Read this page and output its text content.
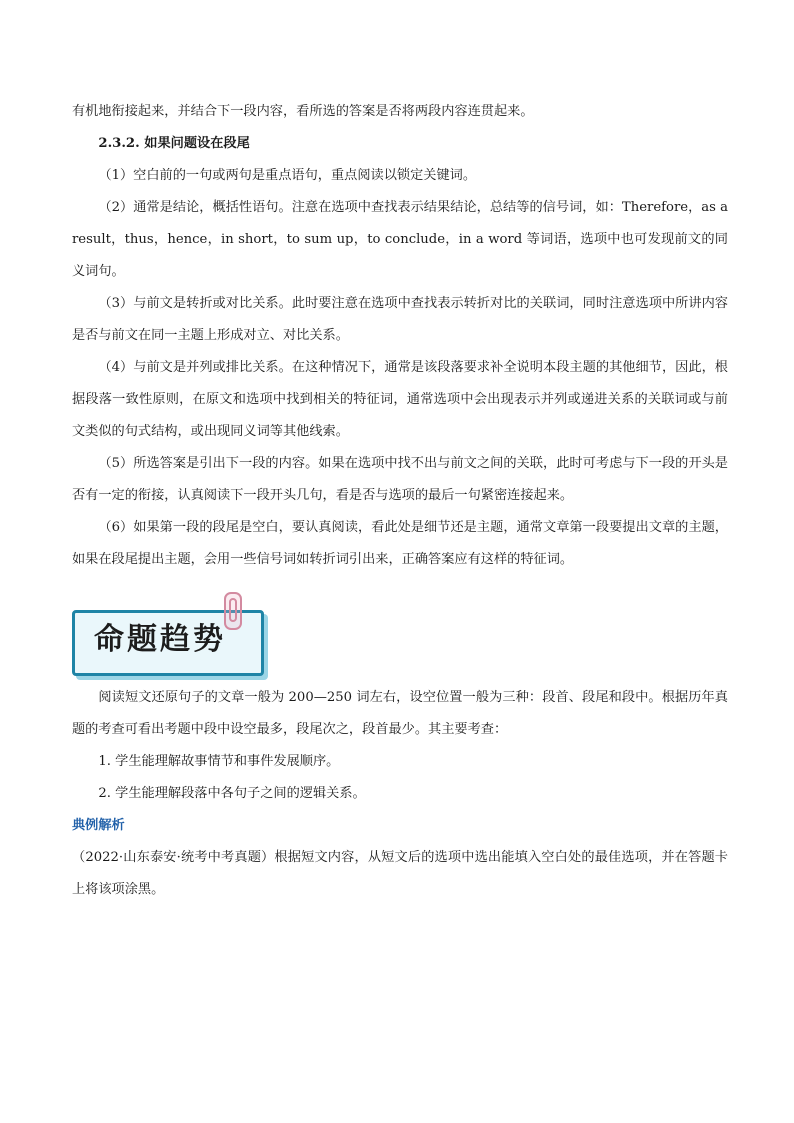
有机地衔接起来，并结合下一段内容，看所选的答案是否将两段内容连贯起来。

2.3.2. 如果问题设在段尾

（1）空白前的一句或两句是重点语句，重点阅读以锁定关键词。

（2）通常是结论，概括性语句。注意在选项中查找表示结果结论，总结等的信号词，如：Therefore，as a result，thus，hence，in short，to sum up，to conclude，in a word 等词语，选项中也可发现前文的同义词句。

（3）与前文是转折或对比关系。此时要注意在选项中查找表示转折对比的关联词，同时注意选项中所讲内容是否与前文在同一主题上形成对立、对比关系。

（4）与前文是并列或排比关系。在这种情况下，通常是该段落要求补全说明本段主题的其他细节，因此，根据段落一致性原则，在原文和选项中找到相关的特征词，通常选项中会出现表示并列或递进关系的关联词或与前文类似的句式结构，或出现同义词等其他线索。

（5）所选答案是引出下一段的内容。如果在选项中找不出与前文之间的关联，此时可考虑与下一段的开头是否有一定的衔接，认真阅读下一段开头几句，看是否与选项的最后一句紧密连接起来。

（6）如果第一段的段尾是空白，要认真阅读，看此处是细节还是主题，通常文章第一段要提出文章的主题，如果在段尾提出主题，会用一些信号词如转折词引出来，正确答案应有这样的特征词。

命题趋势

阅读短文还原句子的文章一般为 200—250 词左右，设空位置一般为三种：段首、段尾和段中。根据历年真题的考查可看出考题中段中设空最多，段尾次之，段首最少。其主要考查：

1. 学生能理解故事情节和事件发展顺序。

2. 学生能理解段落中各句子之间的逻辑关系。

典例解析

（2022·山东泰安·统考中考真题）根据短文内容，从短文后的选项中选出能填入空白处的最佳选项，并在答题卡上将该项涂黑。
